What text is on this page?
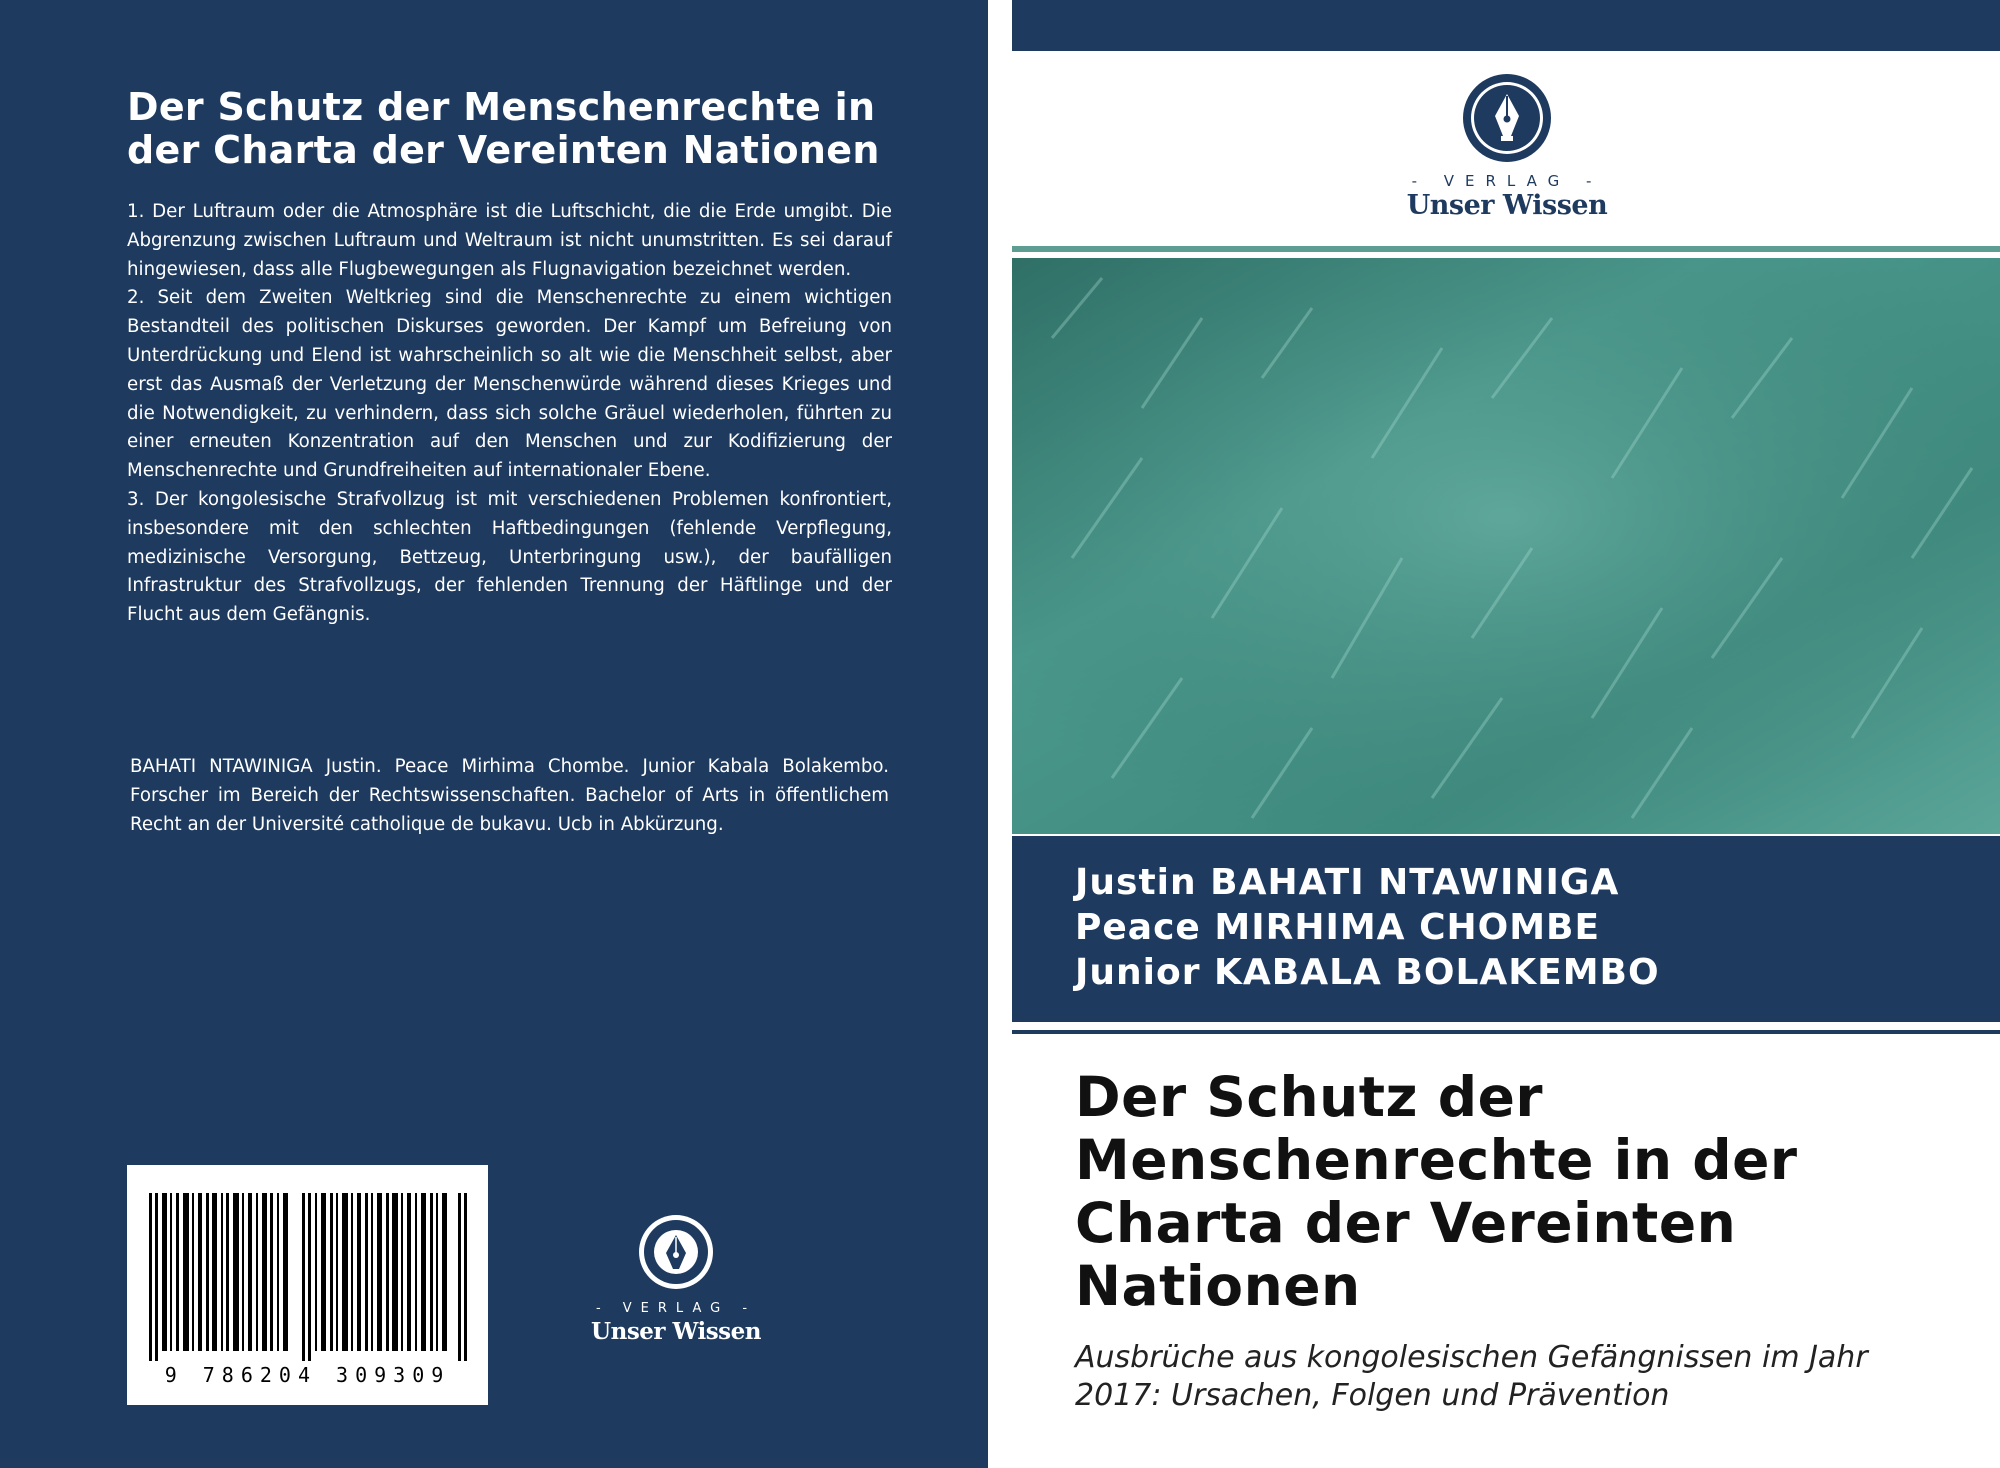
Der Schutz der Menschenrechte in der Charta der Vereinten Nationen

1. Der Luftraum oder die Atmosphäre ist die Luftschicht, die die Erde umgibt. Die Abgrenzung zwischen Luftraum und Weltraum ist nicht unumstritten. Es sei darauf hingewiesen, dass alle Flugbewegungen als Flugnavigation bezeichnet werden.

2. Seit dem Zweiten Weltkrieg sind die Menschenrechte zu einem wichtigen Bestandteil des politischen Diskurses geworden. Der Kampf um Befreiung von Unterdrückung und Elend ist wahrscheinlich so alt wie die Menschheit selbst, aber erst das Ausmaß der Verletzung der Menschenwürde während dieses Krieges und die Notwendigkeit, zu verhindern, dass sich solche Gräuel wiederholen, führten zu einer erneuten Konzentration auf den Menschen und zur Kodifizierung der Menschenrechte und Grundfreiheiten auf internationaler Ebene.

3. Der kongolesische Strafvollzug ist mit verschiedenen Problemen konfrontiert, insbesondere mit den schlechten Haftbedingungen (fehlende Verpflegung, medizinische Versorgung, Bettzeug, Unterbringung usw.), der baufälligen Infrastruktur des Strafvollzugs, der fehlenden Trennung der Häftlinge und der Flucht aus dem Gefängnis.

BAHATI NTAWINIGA Justin. Peace Mirhima Chombe. Junior Kabala Bolakembo. Forscher im Bereich der Rechtswissenschaften. Bachelor of Arts in öffentlichem Recht an der Université catholique de bukavu. Ucb in Abkürzung.
9 786204 309309
- VERLAG -
Unser Wissen
- VERLAG -
Unser Wissen
Justin BAHATI NTAWINIGA
Peace MIRHIMA CHOMBE
Junior KABALA BOLAKEMBO
Der Schutz der Menschenrechte in der Charta der Vereinten Nationen
Ausbrüche aus kongolesischen Gefängnissen im Jahr 2017: Ursachen, Folgen und Prävention
